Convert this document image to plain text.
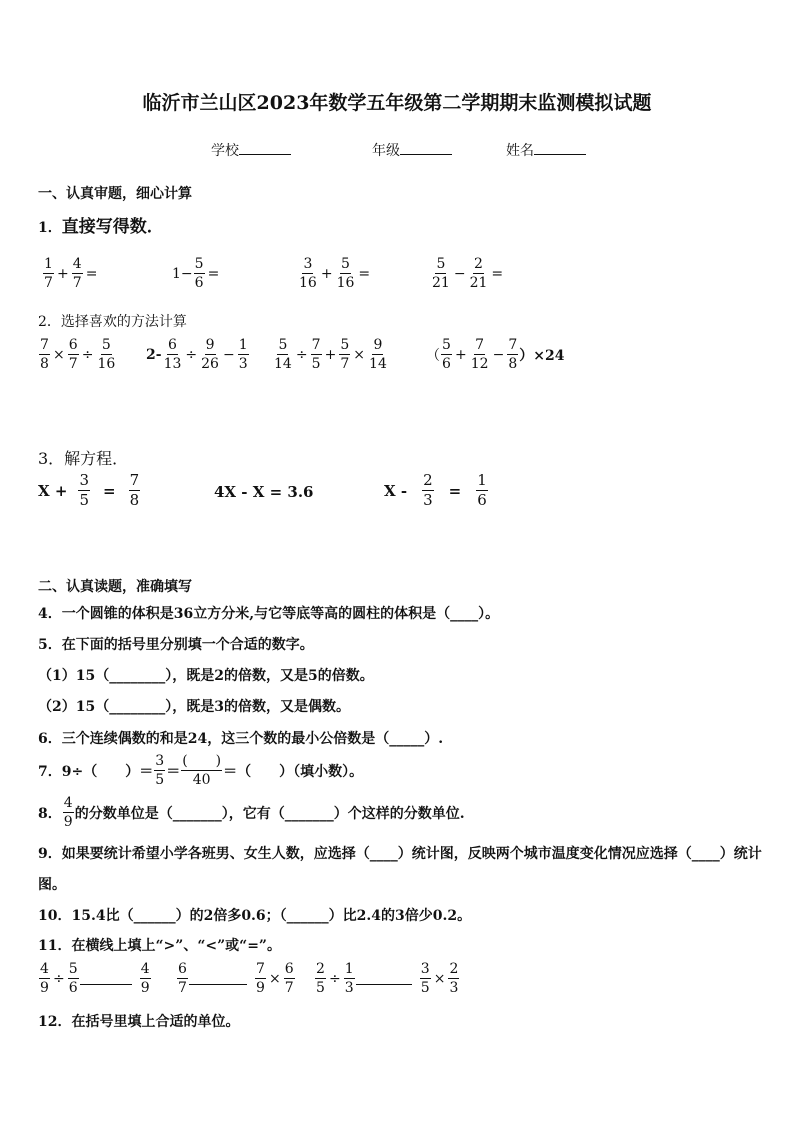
临沂市兰山区2023年数学五年级第二学期期末监测模拟试题
学校	年级	姓名
一、认真审题，细心计算
1．直接写得数．
$\frac{1}{7} + \frac{4}{7}$ =	$1- \frac{5}{6}$ =	$\frac{3}{16} + \frac{5}{16}$ =	$\frac{5}{21} - \frac{2}{21}$ =
2．选择喜欢的方法计算
$\frac{7}{8} \times \frac{6}{7} \div \frac{5}{16} 2- \frac{6}{13} \div \frac{9}{26} - \frac{1}{3} \frac{5}{14} \div \frac{7}{5} + \frac{5}{7} \times \frac{9}{14}$	（ $\frac{5}{6} + \frac{7}{12} - \frac{7}{8} )\times 24$
3．解方程．
$X + \frac{3}{5} = \frac{7}{8}$	4X - X = 3.6	$X - \frac{2}{3} = \frac{1}{6}$
二、认真读题，准确填写
4．一个圆锥的体积是36立方分米,与它等底等高的圆柱的体积是（____）。
5．在下面的括号里分别填一个合适的数字。
（1）15（________），既是2的倍数，又是5的倍数。
（2）15（________），既是3的倍数，又是偶数。
6．三个连续偶数的和是24，这三个数的最小公倍数是（_____）.
7．9÷（　　）＝ $\frac{3}{5} = \frac{( )}{40}$ ＝（　　）（填小数）。
8． $\frac{4}{9}$ 的分数单位是（_______），它有（_______）个这样的分数单位.
9．如果要统计希望小学各班男、女生人数，应选择（____）统计图，反映两个城市温度变化情况应选择（____）统计
图。
10．15.4比（______）的2倍多0.6；（______）比2.4的3倍少0.2。
11．在横线上填上“>”、“<”或“=”。
$\frac{4}{9} \div \frac{5}{6}$	$\frac{4}{9} \frac{6}{7}$	$\frac{7}{9} \times \frac{6}{7} \frac{2}{5} \div \frac{1}{3}$	$\frac{3}{5} \times \frac{2}{3}$
12．在括号里填上合适的单位。
